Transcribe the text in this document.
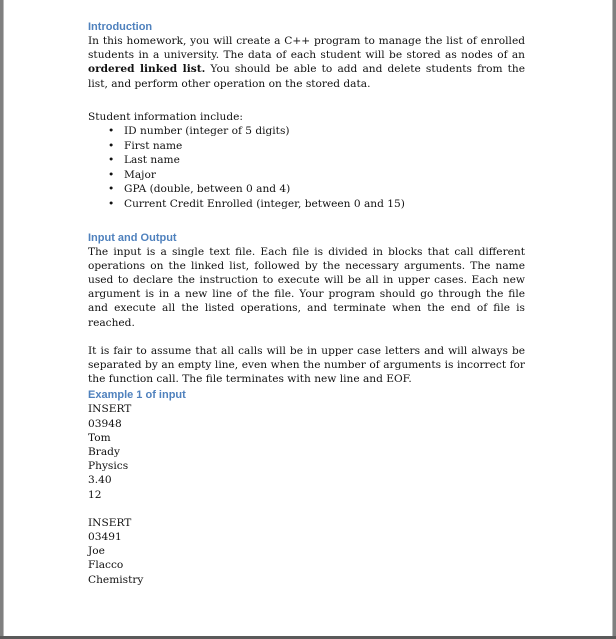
Introduction

In this homework, you will create a C++ program to manage the list of enrolled students in a university. The data of each student will be stored as nodes of an ordered linked list. You should be able to add and delete students from the list, and perform other operation on the stored data.

Student information include:

• ID number (integer of 5 digits)
• First name
• Last name
• Major
• GPA (double, between 0 and 4)
• Current Credit Enrolled (integer, between 0 and 15)
Input and Output

The input is a single text file. Each file is divided in blocks that call different operations on the linked list, followed by the necessary arguments. The name used to declare the instruction to execute will be all in upper cases. Each new argument is in a new line of the file. Your program should go through the file and execute all the listed operations, and terminate when the end of file is reached.

It is fair to assume that all calls will be in upper case letters and will always be separated by an empty line, even when the number of arguments is incorrect for the function call. The file terminates with new line and EOF.

Example 1 of input
INSERT
03948
Tom
Brady
Physics
3.40
12
INSERT
03491
Joe
Flacco
Chemistry
